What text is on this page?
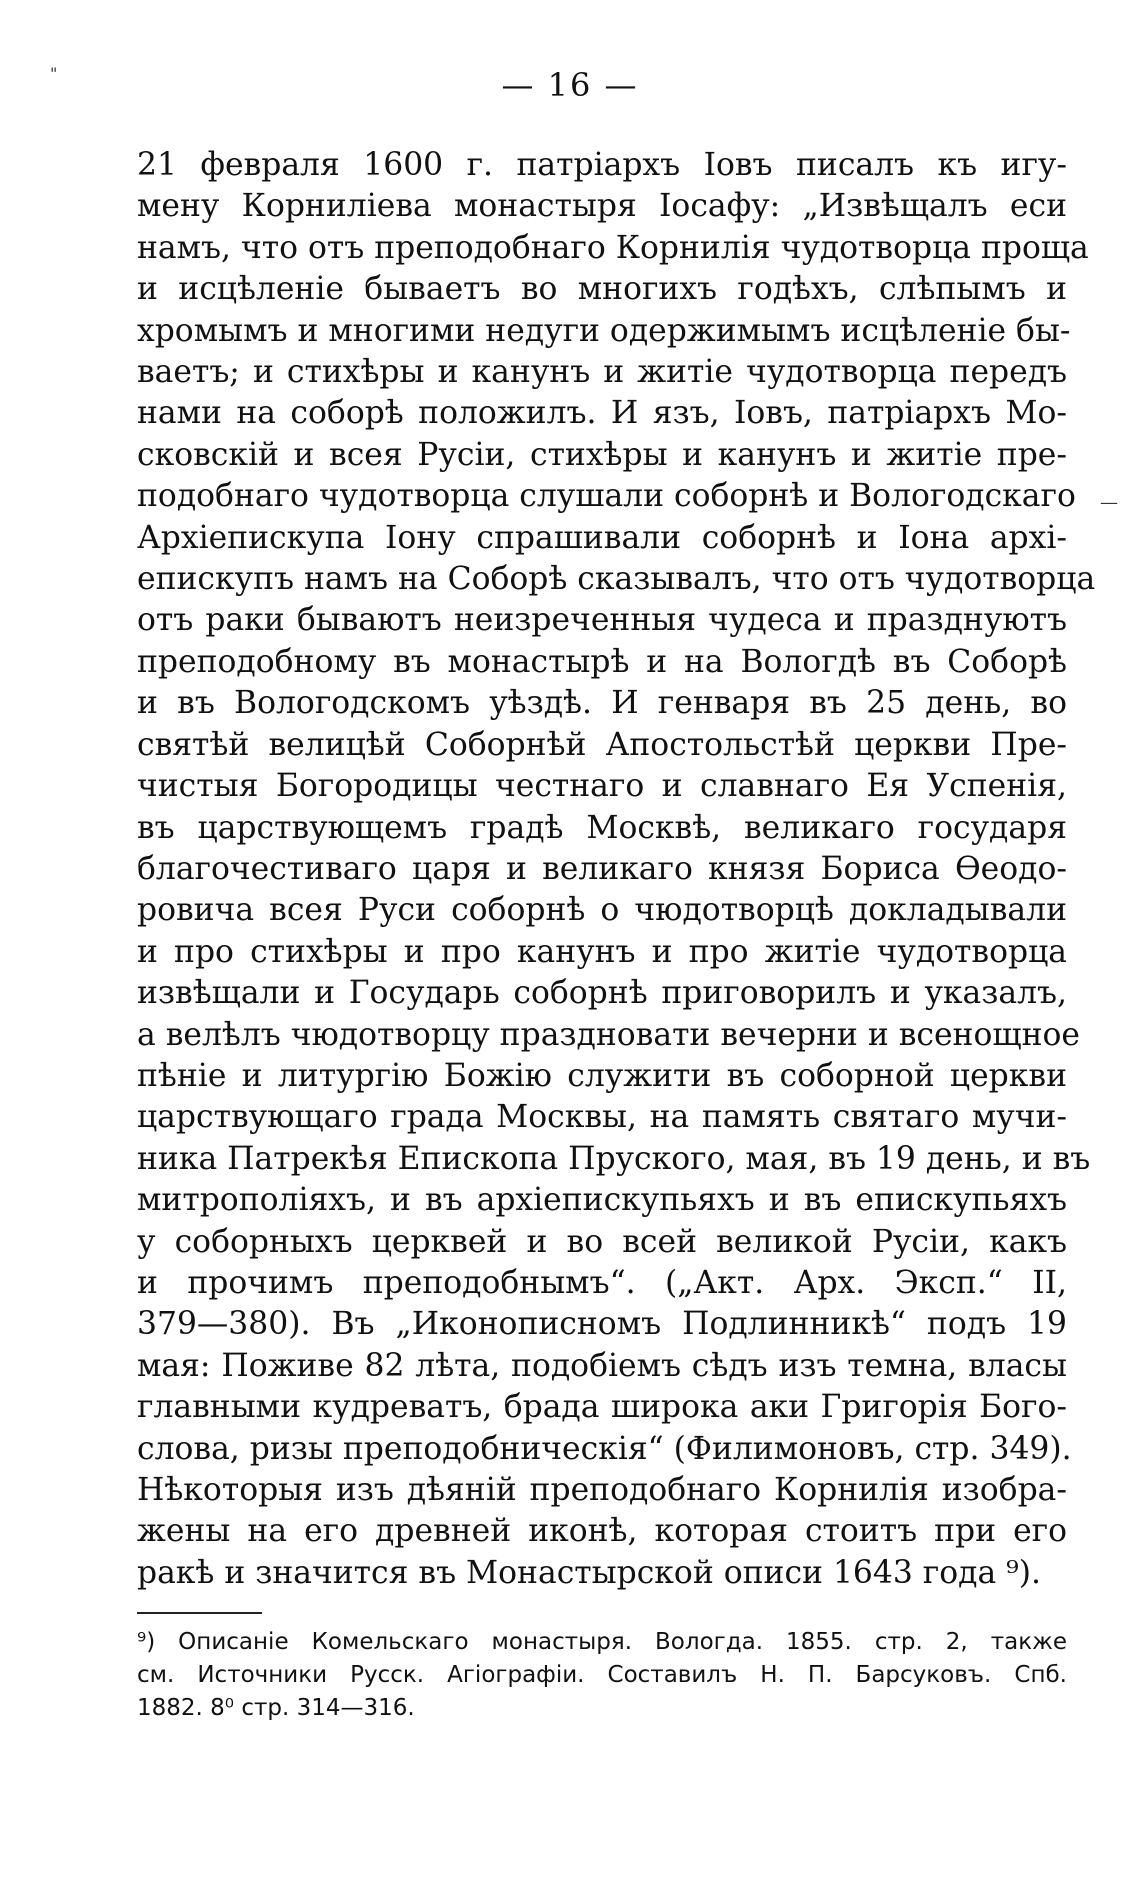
"	— 16 —
—
21 февраля 1600 г. патріархъ Іовъ писалъ къ игу-
мену Корниліева монастыря Іосафу: „Извѣщалъ еси
намъ, что отъ преподобнаго Корнилія чудотворца проща
и исцѣленіе бываетъ во многихъ годѣхъ, слѣпымъ и
хромымъ и многими недуги одержимымъ исцѣленіе бы-
ваетъ; и стихѣры и канунъ и житіе чудотворца передъ
нами на соборѣ положилъ. И язъ, Іовъ, патріархъ Мо-
сковскій и всея Русіи, стихѣры и канунъ и житіе пре-
подобнаго чудотворца слушали соборнѣ и Вологодскаго
Архіепискупа Іону спрашивали соборнѣ и Іона архі-
епискупъ намъ на Соборѣ сказывалъ, что отъ чудотворца
отъ раки бываютъ неизреченныя чудеса и празднуютъ
преподобному въ монастырѣ и на Вологдѣ въ Соборѣ
и въ Вологодскомъ уѣздѣ. И генваря въ 25 день, во
святѣй велицѣй Соборнѣй Апостольстѣй церкви Пре-
чистыя Богородицы честнаго и славнаго Ея Успенія,
въ царствующемъ градѣ Москвѣ, великаго государя
благочестиваго царя и великаго князя Бориса Ѳеодо-
ровича всея Руси соборнѣ о чюдотворцѣ докладывали
и про стихѣры и про канунъ и про житіе чудотворца
извѣщали и Государь соборнѣ приговорилъ и указалъ,
а велѣлъ чюдотворцу праздновати вечерни и всенощное
пѣніе и литургію Божію служити въ соборной церкви
царствующаго града Москвы, на память святаго мучи-
ника Патрекѣя Епископа Пруского, мая, въ 19 день, и въ
митрополіяхъ, и въ архіепискупьяхъ и въ епискупьяхъ
у соборныхъ церквей и во всей великой Русіи, какъ
и прочимъ преподобнымъ“. („Акт. Арх. Эксп.“ II,
379—380). Въ „Иконописномъ Подлинникѣ“ подъ 19
мая: Поживе 82 лѣта, подобіемъ сѣдъ изъ темна, власы
главными кудреватъ, брада широка аки Григорія Бого-
слова, ризы преподобническія“ (Филимоновъ, стр. 349).
Нѣкоторыя изъ дѣяній преподобнаго Корнилія изобра-
жены на его древней иконѣ, которая стоитъ при его
ракѣ и значится въ Монастырской описи 1643 года ⁹).
⁹) Описаніе Комельскаго монастыря. Вологда. 1855. стр. 2, также
см. Источники Русск. Агіографіи. Составилъ Н. П. Барсуковъ. Спб.
1882. 8⁰ стр. 314—316.
